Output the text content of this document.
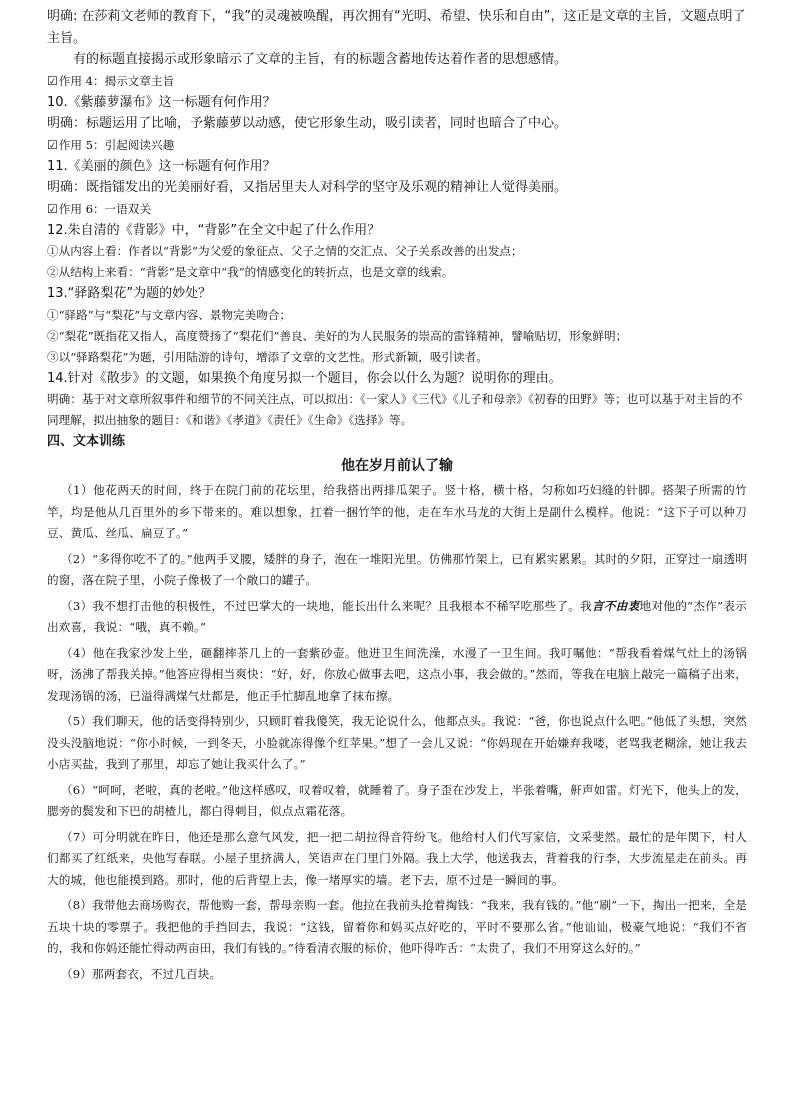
明确: 在莎莉文老师的教育下，“我”的灵魂被唤醒，再次拥有“光明、希望、快乐和自由”，这正是文章的主旨，文题点明了主旨。
有的标题直接揭示或形象暗示了文章的主旨，有的标题含蓄地传达着作者的思想感情。
☑ 作用 4：揭示文章主旨
10.《紫藤萝瀑布》这一标题有何作用？
明确：标题运用了比喻，予紫藤萝以动感，使它形象生动，吸引读者，同时也暗合了中心。
☑ 作用 5：引起阅读兴趣
11.《美丽的颜色》这一标题有何作用？
明确：既指镭发出的光美丽好看，又指居里夫人对科学的坚守及乐观的精神让人觉得美丽。
☑ 作用 6：一语双关
12.朱自清的《背影》中，“背影”在全文中起了什么作用？
①从内容上看：作者以“背影”为父爱的象征点、父子之情的交汇点、父子关系改善的出发点；
②从结构上来看：“背影”是文章中“我”的情感变化的转折点，也是文章的线索。
13.“驿路梨花”为题的妙处？
①“驿路”与“梨花”与文章内容、景物完美吻合；
②“梨花”既指花又指人，高度赞扬了“梨花们”善良、美好的为人民服务的崇高的雷锋精神，譬喻贴切，形象鲜明；
③以“驿路梨花”为题，引用陆游的诗句，增添了文章的文艺性。形式新颖，吸引读者。
14.针对《散步》的文题，如果换个角度另拟一个题目，你会以什么为题？说明你的理由。
明确：基于对文章所叙事件和细节的不同关注点，可以拟出：《一家人》《三代》《儿子和母亲》《初春的田野》等；也可以基于对主旨的不同理解，拟出抽象的题目：《和谐》《孝道》《责任》《生命》《选择》等。
四、文本训练
他在岁月前认了输

（1）他花两天的时间，终于在院门前的花坛里，给我搭出两排瓜架子。竖十格，横十格，匀称如巧妇缝的针脚。搭架子所需的竹竿，均是他从几百里外的乡下带来的。难以想象，扛着一捆竹竿的他，走在车水马龙的大街上是副什么模样。他说：“这下子可以种刀豆、黄瓜、丝瓜、扁豆了。”

（2）“多得你吃不了的。”他两手叉腰，矮胖的身子，泡在一堆阳光里。仿佛那竹架上，已有累实累累。其时的夕阳，正穿过一扇透明的窗，落在院子里，小院子像极了一个敞口的罐子。

（3）我不想打击他的积极性，不过巴掌大的一块地，能长出什么来呢？且我根本不稀罕吃那些了。我言不由衷地对他的“杰作”表示出欢喜，我说：“哦，真不赖。”

（4）他在我家沙发上坐，砸翻摔茶几上的一套紫砂壶。他进卫生间洗澡，水漫了一卫生间。我叮嘱他：“帮我看着煤气灶上的汤锅呀，汤沸了帮我关掉。”他答应得相当爽快：“好，好，你放心做事去吧，这点小事，我会做的。”然而，等我在电脑上敲完一篇稿子出来，发现汤锅的汤，已溢得满煤气灶都是，他正手忙脚乱地拿了抹布擦。

（5）我们聊天，他的话变得特别少，只顾盯着我傻笑，我无论说什么，他都点头。我说：“爸，你也说点什么吧。”他低了头想，突然没头没脑地说：“你小时候，一到冬天，小脸就冻得像个红苹果。”想了一会儿又说：“你妈现在开始嫌弃我喽，老骂我老糊涂，她让我去小店买盐，我到了那里，却忘了她让我买什么了。”

（6）“呵呵，老啦，真的老啦。”他这样感叹，叹着叹着，就睡着了。身子歪在沙发上，半张着嘴，鼾声如雷。灯光下，他头上的发，腮旁的鬓发和下巴的胡楂儿，都白得刺目，似点点霜花落。

（7）可分明就在昨日，他还是那么意气风发，把一把二胡拉得音符纷飞。他给村人们代写家信，文采斐然。最忙的是年関下，村人们都买了红纸来，央他写春联。小屋子里挤满人，笑语声在门里门外隔。我上大学，他送我去，背着我的行李，大步流星走在前头。再大的城，他也能摸到路。那时，他的后背望上去，像一堵厚实的墙。老下去，原不过是一瞬间的事。

（8）我带他去商场购衣，帮他购一套，帮母亲购一套。他拉在我前头抢着掏钱：“我来，我有钱的。”他“刷”一下，掏出一把来，全是五块十块的零票子。我把他的手挡回去，我说：“这钱，留着你和妈买点好吃的，平时不要那么省。”他讪讪，极豪气地说：“我们不省的，我和你妈还能忙得动两亩田，我们有钱的。”待看清衣服的标价，他吓得咋舌：“太贵了，我们不用穿这么好的。”

（9）那两套衣，不过几百块。
